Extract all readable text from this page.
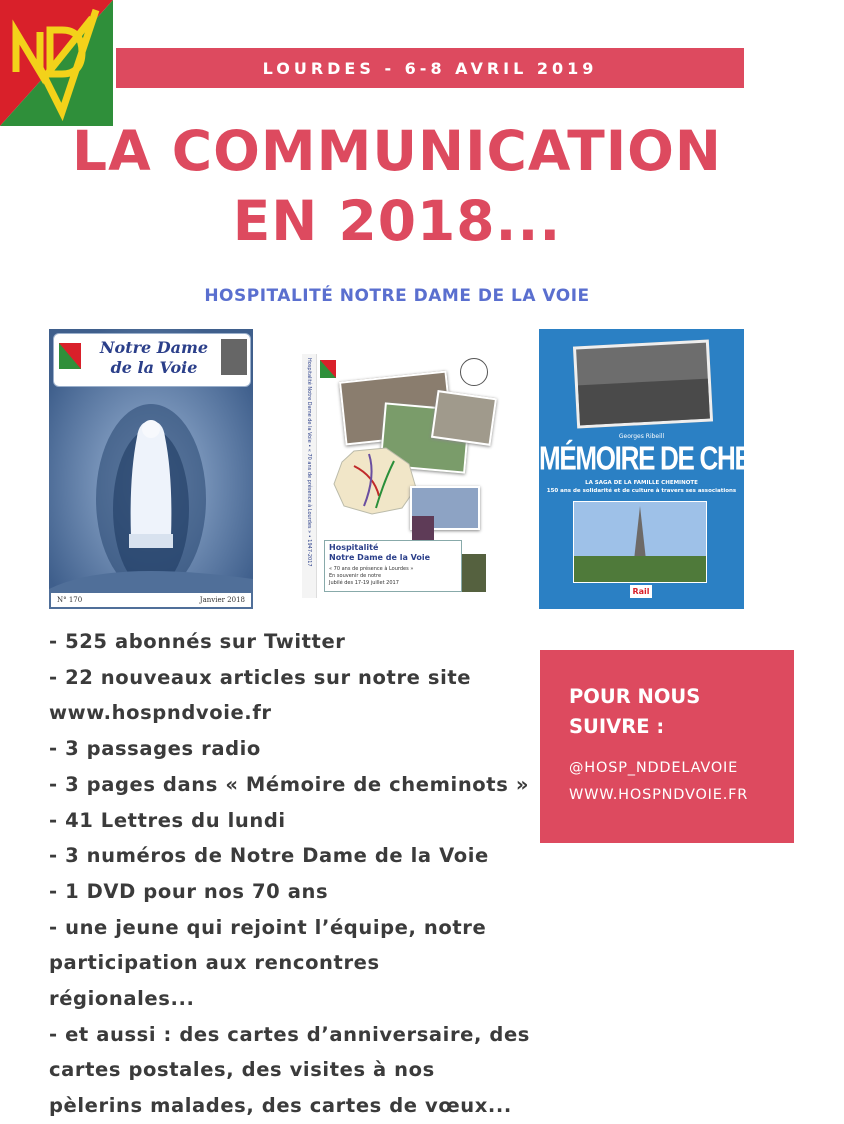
LOURDES - 6-8 AVRIL 2019
LA COMMUNICATION
EN 2018...
HOSPITALITÉ NOTRE DAME DE LA VOIE
Notre Dame
de la Voie
N° 170	Janvier 2018
Hospitalité Notre Dame de la Voie • « 70 ans de présence à Lourdes » • 1947-2017 Hospitalité
Notre Dame de la Voie
« 70 ans de présence à Lourdes »
En souvenir de notre
Jubilé des 17-19 juillet 2017
Georges Ribeill
MÉMOIRE DE CHEMINOTS
LA SAGA DE LA FAMILLE CHEMINOTE
150 ans de solidarité et de culture à travers ses associations
Rail
- 525 abonnés sur Twitter
- 22 nouveaux articles sur notre site
www.hospndvoie.fr
- 3 passages radio
- 3 pages dans « Mémoire de cheminots »
- 41 Lettres du lundi
- 3 numéros de Notre Dame de la Voie
- 1 DVD pour nos 70 ans
- une jeune qui rejoint l’équipe, notre
participation aux rencontres
régionales...
- et aussi : des cartes d’anniversaire, des
cartes postales, des visites à nos
pèlerins malades, des cartes de vœux...
POUR NOUS
SUIVRE :
@HOSP_NDDELAVOIE
WWW.HOSPNDVOIE.FR
